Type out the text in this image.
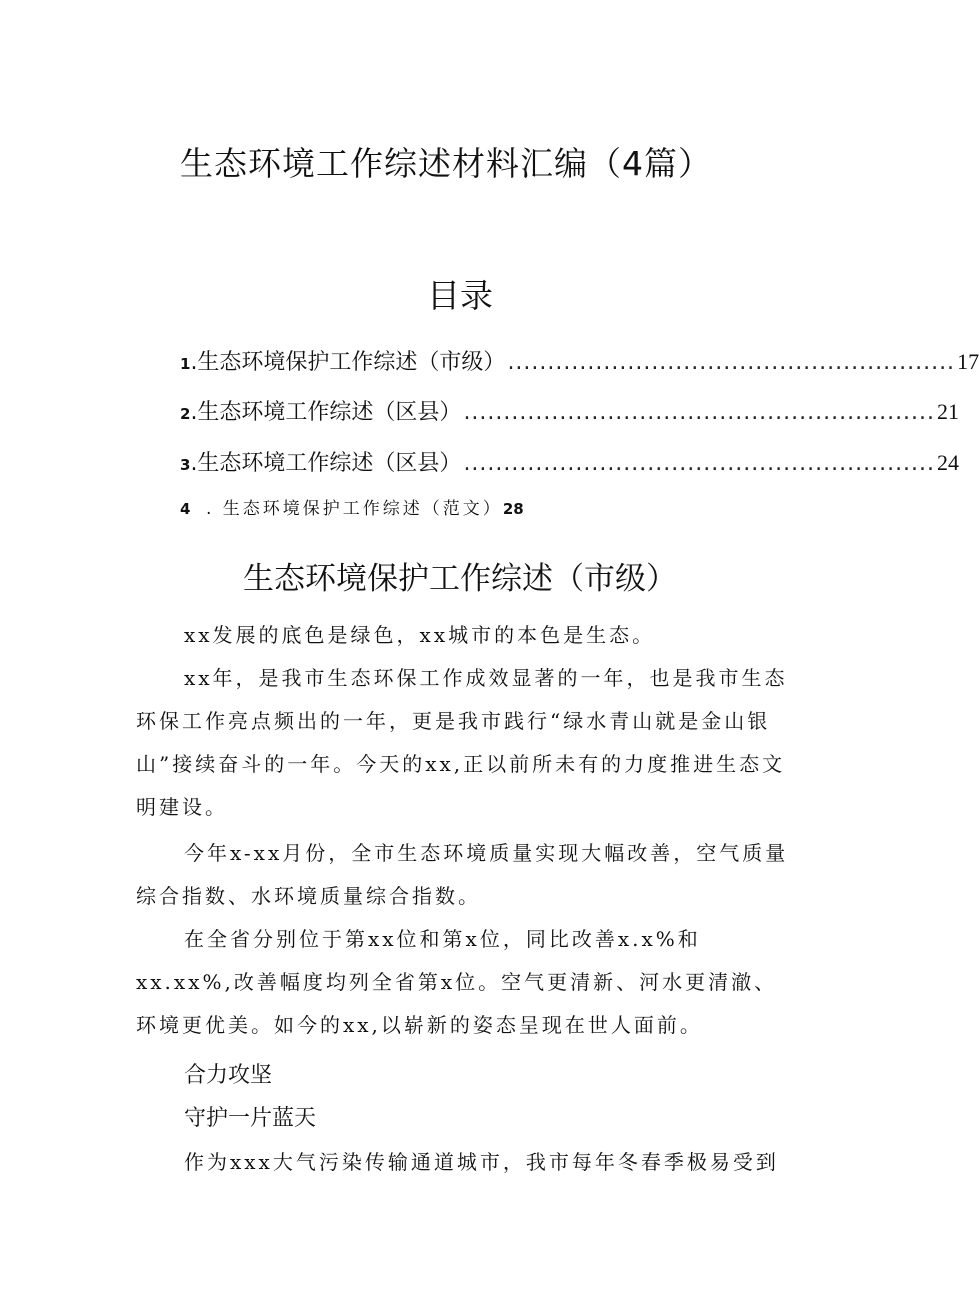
生态环境工作综述材料汇编（4篇）
目录
1 .生态环境保护工作综述（市级） ........................................................ 17
2 .生态环境工作综述（区县） ........................................................... 21
3 .生态环境工作综述（区县） ........................................................... 24
4 . 生态环境保护工作综述（范文） 28
生态环境保护工作综述（市级）

xx发展的底色是绿色，xx城市的本色是生态。

xx年，是我市生态环保工作成效显著的一年，也是我市生态环保工作亮点频出的一年，更是我市践行“绿水青山就是金山银山”接续奋斗的一年。今天的xx,正以前所未有的力度推进生态文明建设。

今年x-xx月份，全市生态环境质量实现大幅改善，空气质量综合指数、水环境质量综合指数。

在全省分别位于第xx位和第x位，同比改善x.x%和xx.xx%,改善幅度均列全省第x位。空气更清新、河水更清澈、环境更优美。如今的xx,以崭新的姿态呈现在世人面前。

合力攻坚
守护一片蓝天

作为xxx大气污染传输通道城市，我市每年冬春季极易受到
